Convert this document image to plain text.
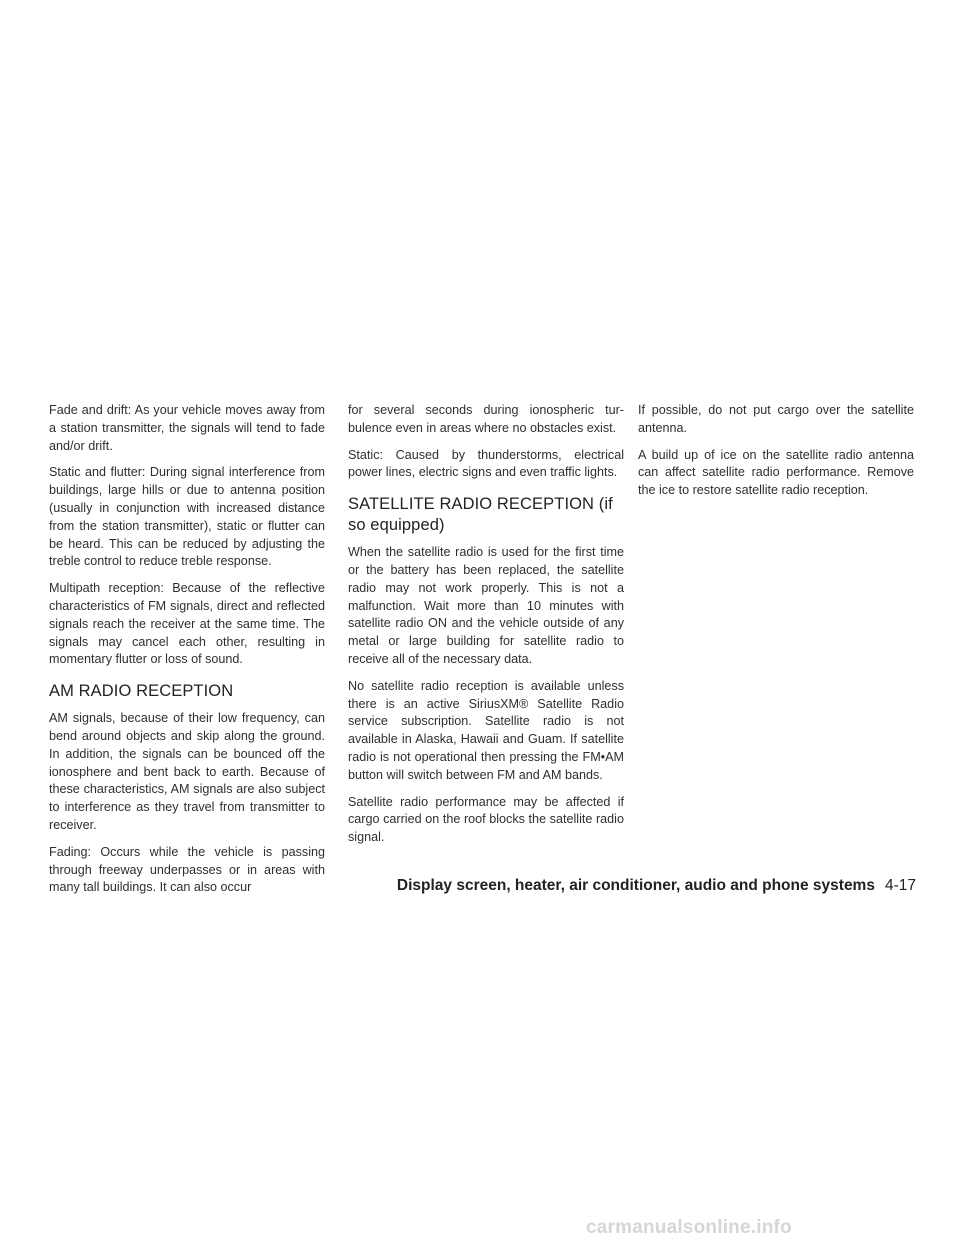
Fade and drift: As your vehicle moves away from a station transmitter, the signals will tend to fade and/or drift.

Static and flutter: During signal interference from buildings, large hills or due to antenna position (usually in conjunction with increased distance from the station transmitter), static or flutter can be heard. This can be reduced by adjusting the treble control to reduce treble response.

Multipath reception: Because of the reflective characteristics of FM signals, direct and reflected signals reach the receiver at the same time. The signals may cancel each other, resulting in momentary flutter or loss of sound.

AM RADIO RECEPTION

AM signals, because of their low frequency, can bend around objects and skip along the ground. In addition, the signals can be bounced off the ionosphere and bent back to earth. Because of these characteristics, AM signals are also subject to interference as they travel from transmitter to receiver.

Fading: Occurs while the vehicle is passing through freeway underpasses or in areas with many tall buildings. It can also occur

for several seconds during ionospheric turbulence even in areas where no obstacles exist.

Static: Caused by thunderstorms, electrical power lines, electric signs and even traffic lights.

SATELLITE RADIO RECEPTION (if so equipped)

When the satellite radio is used for the first time or the battery has been replaced, the satellite radio may not work properly. This is not a malfunction. Wait more than 10 minutes with satellite radio ON and the vehicle outside of any metal or large building for satellite radio to receive all of the necessary data.

No satellite radio reception is available unless there is an active SiriusXM® Satellite Radio service subscription. Satellite radio is not available in Alaska, Hawaii and Guam. If satellite radio is not operational then pressing the FM•AM button will switch between FM and AM bands.

Satellite radio performance may be affected if cargo carried on the roof blocks the satellite radio signal.

If possible, do not put cargo over the satellite antenna.

A build up of ice on the satellite radio antenna can affect satellite radio performance. Remove the ice to restore satellite radio reception.

Display screen, heater, air conditioner, audio and phone systems 4-17
carmanualsonline.info
